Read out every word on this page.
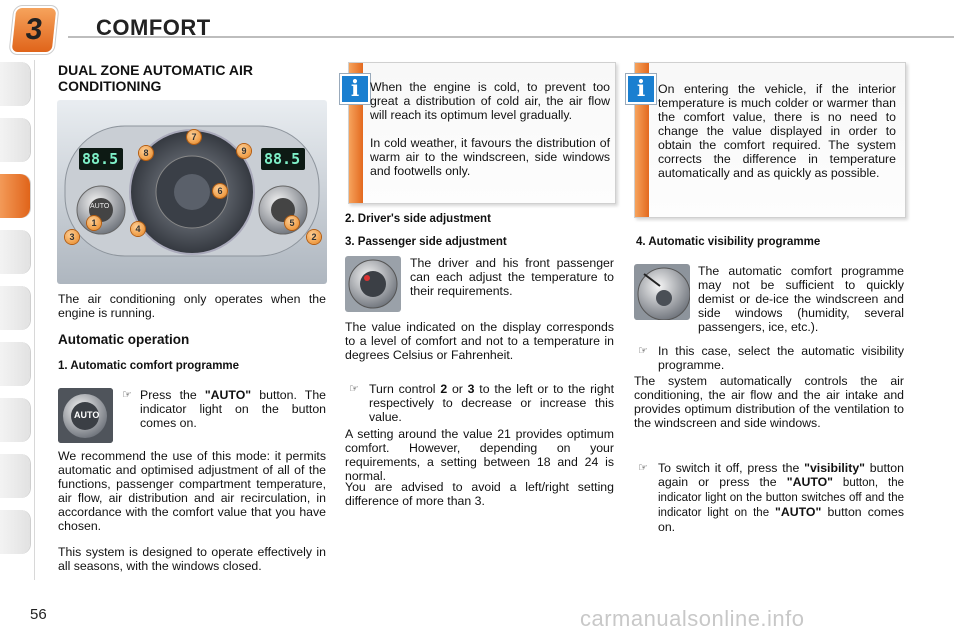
3	COMFORT
DUAL ZONE AUTOMATIC AIR CONDITIONING
88.5	88.5
AUTO
1
3
4
8
7
9
6
5
2
The air conditioning only operates when the engine is running.
Automatic operation
1. Automatic comfort programme
AUTO
☞ Press the "AUTO" button. The indicator light on the button comes on.
We recommend the use of this mode: it permits automatic and optimised adjustment of all of the functions, passenger compartment temperature, air flow, air distribution and air recirculation, in accordance with the comfort value that you have chosen.
This system is designed to operate effectively in all seasons, with the windows closed.
i When the engine is cold, to prevent too great a distribution of cold air, the air flow will reach its optimum level gradually.
In cold weather, it favours the distribution of warm air to the windscreen, side windows and footwells only.
i	On entering the vehicle, if the interior temperature is much colder or warmer than the comfort value, there is no need to change the value displayed in order to obtain the comfort required. The system corrects the difference in temperature automatically and as quickly as possible.
2. Driver's side adjustment
3. Passenger side adjustment
The driver and his front passenger can each adjust the temperature to their requirements.
The value indicated on the display corresponds to a level of comfort and not to a temperature in degrees Celsius or Fahrenheit.
☞ Turn control 2 or 3 to the left or to the right respectively to decrease or increase this value.
A setting around the value 21 provides optimum comfort. However, depending on your requirements, a setting between 18 and 24 is normal.
You are advised to avoid a left/right setting difference of more than 3.
4. Automatic visibility programme
The automatic comfort programme may not be sufficient to quickly demist or de-ice the windscreen and side windows (humidity, several passengers, ice, etc.).
☞ In this case, select the automatic visibility programme.
The system automatically controls the air conditioning, the air flow and the air intake and provides optimum distribution of the ventilation to the windscreen and side windows.
☞ To switch it off, press the "visibility" button again or press the "AUTO" button, the indicator light on the button switches off and the indicator light on the "AUTO" button comes on.
56	carmanualsonline.info
